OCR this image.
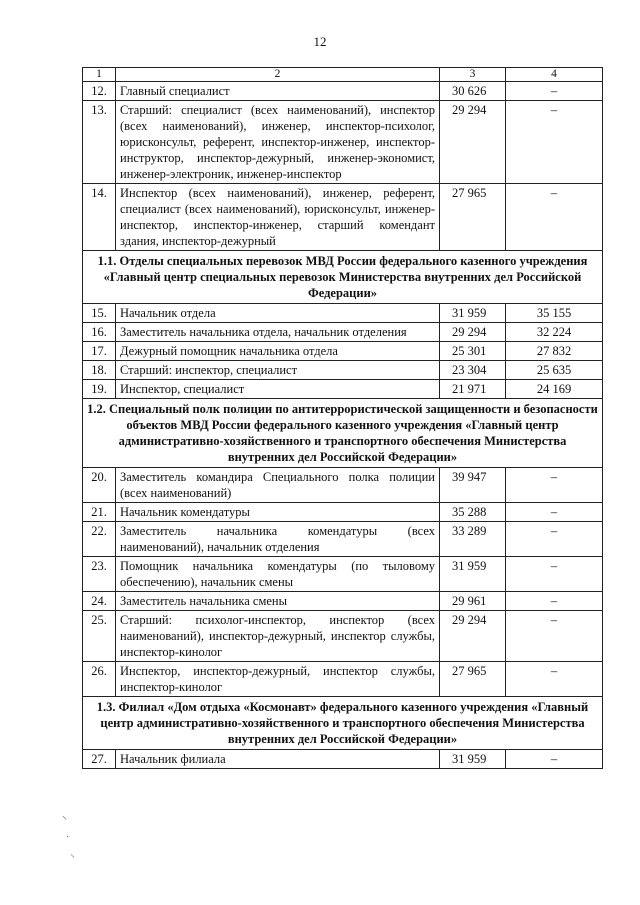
12
1	2	3	4
12.	Главный специалист	30 626	–
13.	Старший: специалист (всех наименований), инспектор (всех наименований), инженер, инспектор-психолог, юрисконсульт, референт, инспектор-инженер, инспектор-инструктор, инспектор-дежурный, инженер-экономист, инженер-электроник, инженер-инспектор	29 294	–
14.	Инспектор (всех наименований), инженер, референт, специалист (всех наименований), юрисконсульт, инженер-инспектор, инспектор-инженер, старший комендант здания, инспектор-дежурный	27 965	–
1.1. Отделы специальных перевозок МВД России федерального казенного учреждения «Главный центр специальных перевозок Министерства внутренних дел Российской Федерации»			
15.	Начальник отдела	31 959	35 155
16.	Заместитель начальника отдела, начальник отделения	29 294	32 224
17.	Дежурный помощник начальника отдела	25 301	27 832
18.	Старший: инспектор, специалист	23 304	25 635
19.	Инспектор, специалист	21 971	24 169
1.2. Специальный полк полиции по антитеррористической защищенности и безопасности объектов МВД России федерального казенного учреждения «Главный центр административно-хозяйственного и транспортного обеспечения Министерства внутренних дел Российской Федерации»			
20.	Заместитель командира Специального полка полиции (всех наименований)	39 947	–
21.	Начальник комендатуры	35 288	–
22.	Заместитель начальника комендатуры (всех наименований), начальник отделения	33 289	–
23.	Помощник начальника комендатуры (по тыловому обеспечению), начальник смены	31 959	–
24.	Заместитель начальника смены	29 961	–
25.	Старший: психолог-инспектор, инспектор (всех наименований), инспектор-дежурный, инспектор службы, инспектор-кинолог	29 294	–
26.	Инспектор, инспектор-дежурный, инспектор службы, инспектор-кинолог	27 965	–
1.3. Филиал «Дом отдыха «Космонавт» федерального казенного учреждения «Главный центр административно-хозяйственного и транспортного обеспечения Министерства внутренних дел Российской Федерации»			
27.	Начальник филиала	31 959	–
⸌
·
⸜
